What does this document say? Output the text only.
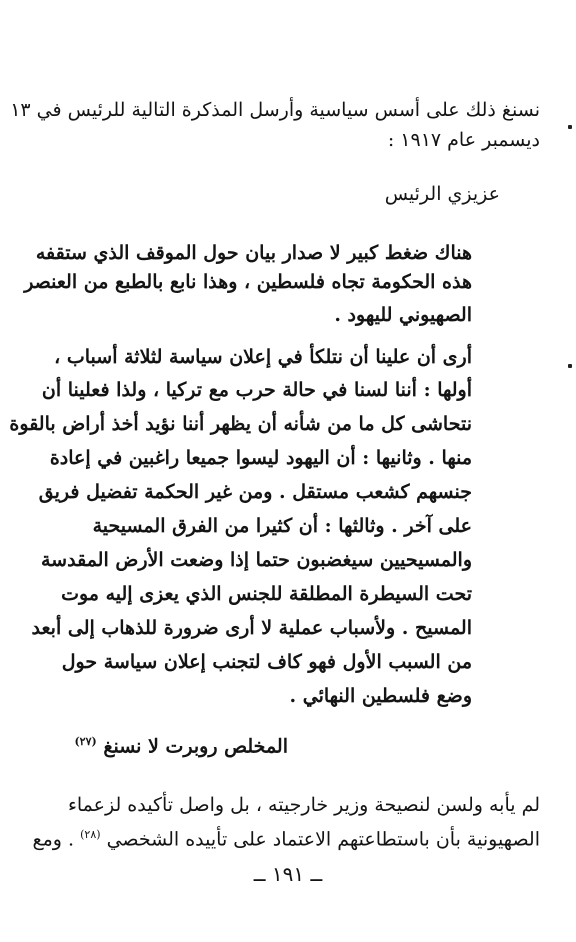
نسنغ ذلك على أسس سياسية وأرسل المذكرة التالية للرئيس في ١٣
ديسمبر عام ١٩١٧ :
عزيزي الرئيس
هناك ضغط كبير لا صدار بيان حول الموقف الذي ستقفه
هذه الحكومة تجاه فلسطين ، وهذا نابع بالطبع من العنصر
الصهيوني لليهود .
أرى أن علينا أن نتلكأ في إعلان سياسة لثلاثة أسباب ،
أولها : أننا لسنا في حالة حرب مع تركيا ، ولذا فعلينا أن
نتحاشى كل ما من شأنه أن يظهر أننا نؤيد أخذ أراض بالقوة
منها . وثانيها : أن اليهود ليسوا جميعا راغبين في إعادة
جنسهم كشعب مستقل . ومن غير الحكمة تفضيل فريق
على آخر . وثالثها : أن كثيرا من الفرق المسيحية
والمسيحيين سيغضبون حتما إذا وضعت الأرض المقدسة
تحت السيطرة المطلقة للجنس الذي يعزى إليه موت
المسيح . ولأسباب عملية لا أرى ضرورة للذهاب إلى أبعد
من السبب الأول فهو كاف لتجنب إعلان سياسة حول
وضع فلسطين النهائي .
المخلص روبرت لا نسنغ $^{(٢٧)}$
لم يأبه ولسن لنصيحة وزير خارجيته ، بل واصل تأكيده لزعماء
الصهيونية بأن باستطاعتهم الاعتماد على تأييده الشخصي $^{(٢٨)}$ . ومع
ــ ١٩١ ــ
